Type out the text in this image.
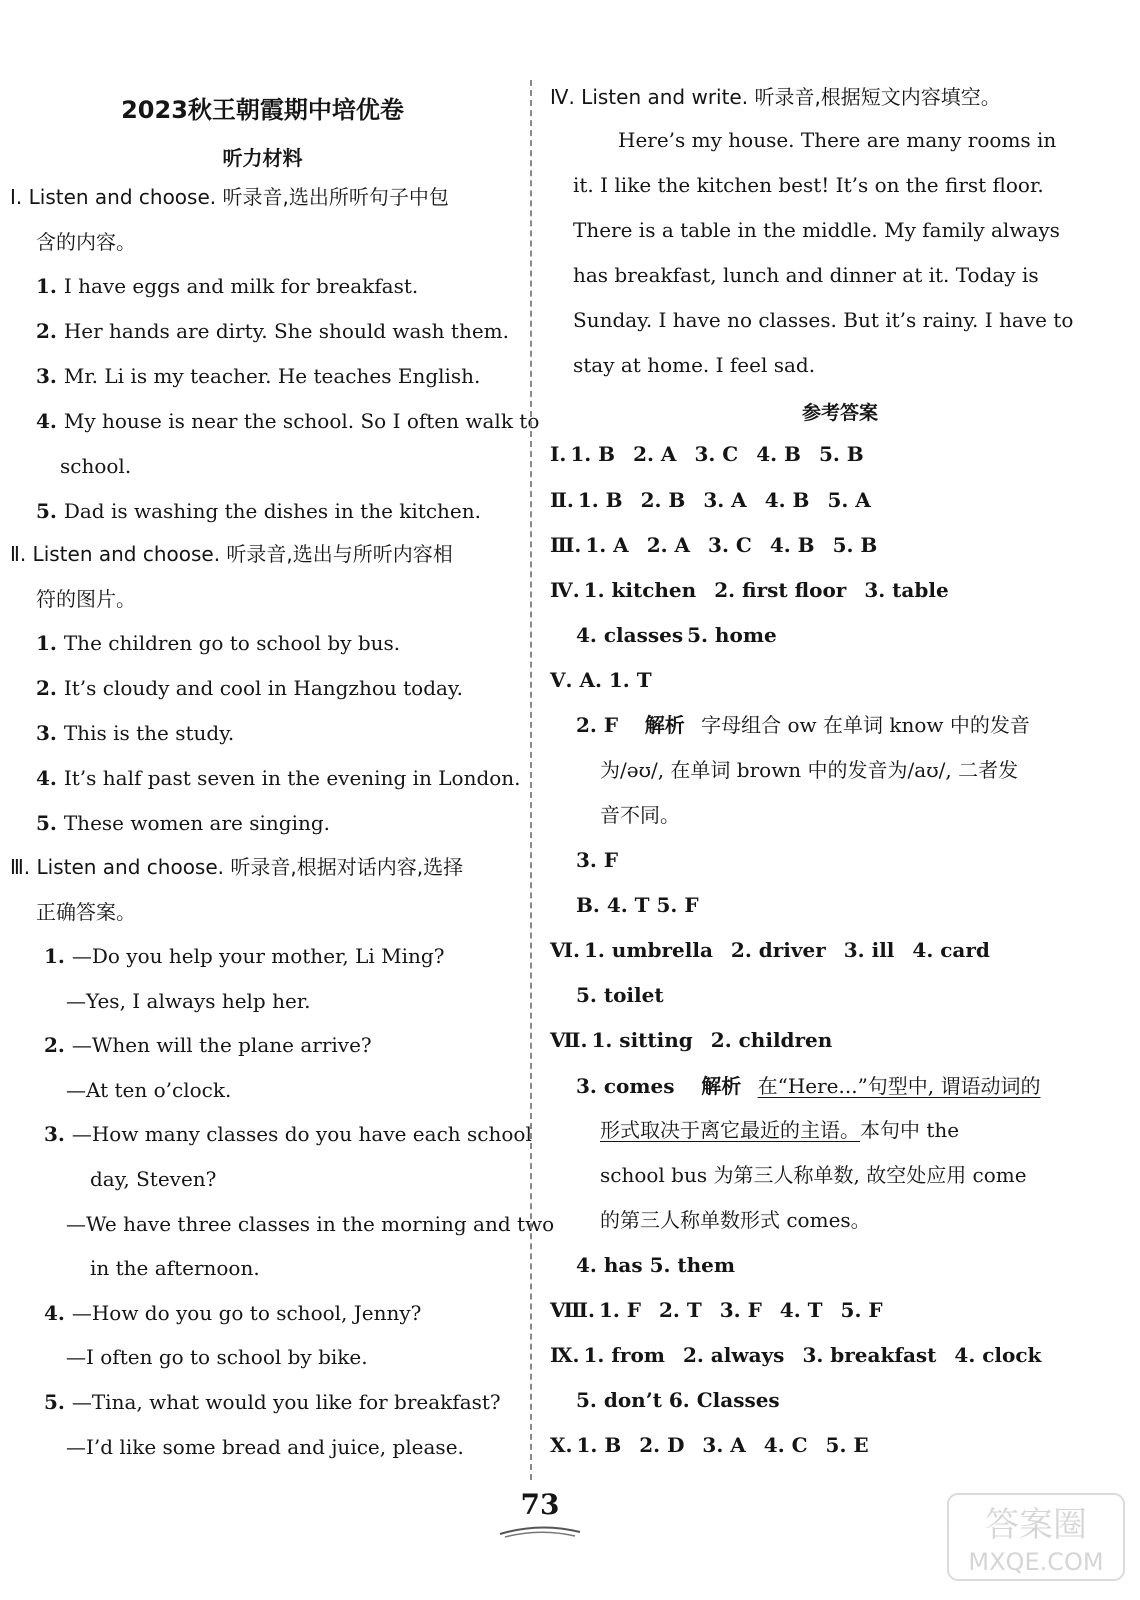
2023秋王朝霞期中培优卷
听力材料
Ⅰ. Listen and choose. 听录音,选出所听句子中包
含的内容。
1. I have eggs and milk for breakfast.
2. Her hands are dirty. She should wash them.
3. Mr. Li is my teacher. He teaches English.
4. My house is near the school. So I often walk to
school.
5. Dad is washing the dishes in the kitchen.
Ⅱ. Listen and choose. 听录音,选出与所听内容相
符的图片。
1. The children go to school by bus.
2. It’s cloudy and cool in Hangzhou today.
3. This is the study.
4. It’s half past seven in the evening in London.
5. These women are singing.
Ⅲ. Listen and choose. 听录音,根据对话内容,选择
正确答案。
1. —Do you help your mother, Li Ming?
—Yes, I always help her.
2. —When will the plane arrive?
—At ten o’clock.
3. —How many classes do you have each school
day, Steven?
—We have three classes in the morning and two
in the afternoon.
4. —How do you go to school, Jenny?
—I often go to school by bike.
5. —Tina, what would you like for breakfast?
—I’d like some bread and juice, please.
Ⅳ. Listen and write. 听录音,根据短文内容填空。
Here’s my house. There are many rooms in
it. I like the kitchen best! It’s on the first floor.
There is a table in the middle. My family always
has breakfast, lunch and dinner at it. Today is
Sunday. I have no classes. But it’s rainy. I have to
stay at home. I feel sad.
参考答案
Ⅰ. 1. B 2. A 3. C 4. B 5. B
Ⅱ. 1. B 2. B 3. A 4. B 5. A
Ⅲ. 1. A 2. A 3. C 4. B 5. B
Ⅳ. 1. kitchen 2. first floor 3. table
4. classes 5. home
Ⅴ. A. 1. T
3. F
B. 4. T 5. F
Ⅵ. 1. umbrella 2. driver 3. ill 4. card
5. toilet
Ⅶ. 1. sitting 2. children
4. has 5. them
Ⅷ. 1. F 2. T 3. F 4. T 5. F
Ⅸ. 1. from 2. always 3. breakfast 4. clock
5. don’t 6. Classes
Ⅹ. 1. B 2. D 3. A 4. C 5. E
2. F 解析 字母组合 ow 在单词 know 中的发音
为/əʊ/, 在单词 brown 中的发音为/aʊ/, 二者发
音不同。
3. comes 解析 在“Here...”句型中, 谓语动词的
形式取决于离它最近的主语。本句中 the
school bus 为第三人称单数, 故空处应用 come
的第三人称单数形式 comes。
73
答案圈
MXQE.COM
